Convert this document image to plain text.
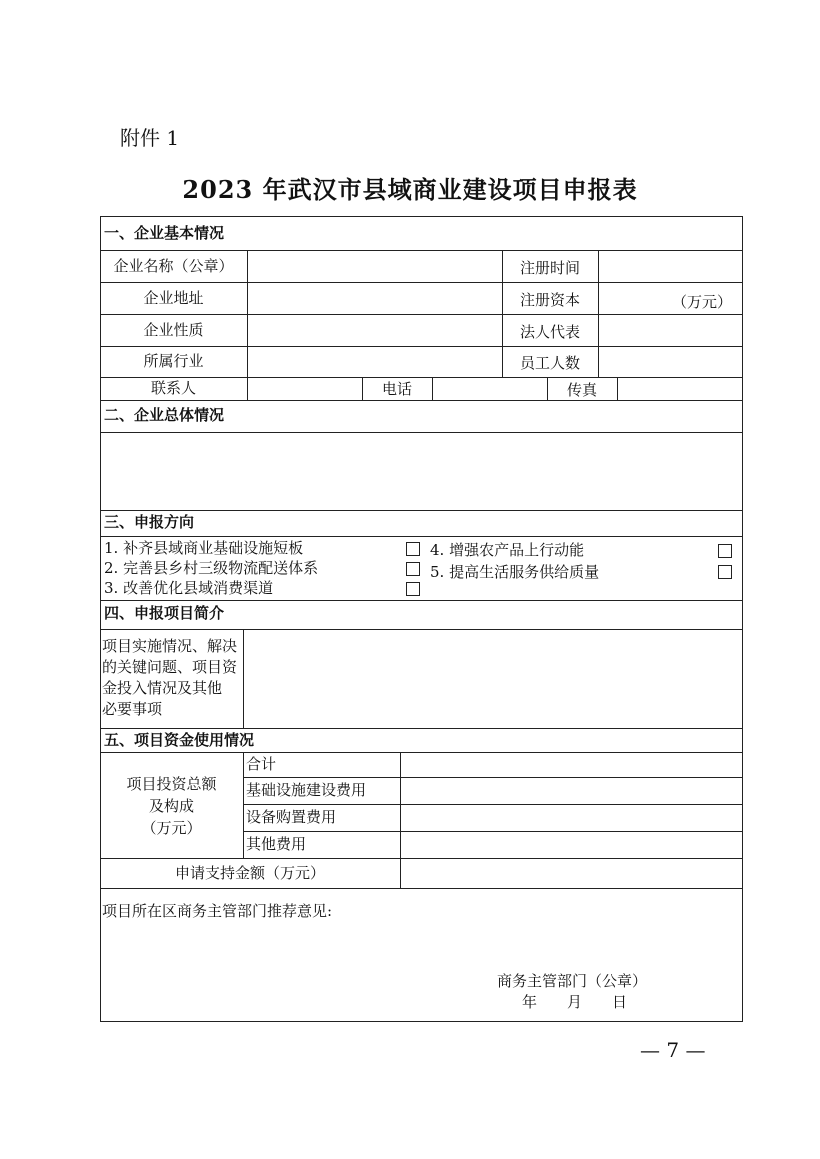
附件 1
2023 年武汉市县域商业建设项目申报表
一、企业基本情况
企业名称（公章）	注册时间
企业地址	注册资本	（万元）
企业性质	法人代表
所属行业	员工人数
联系人	电话	传真
二、企业总体情况
三、申报方向
1. 补齐县域商业基础设施短板
2. 完善县乡村三级物流配送体系
3. 改善优化县域消费渠道
4. 增强农产品上行动能
5. 提高生活服务供给质量
四、申报项目简介
项目实施情况、解决
的关键问题、项目资
金投入情况及其他
必要事项
五、项目资金使用情况
项目投资总额
及构成
（万元）
合计
基础设施建设费用
设备购置费用
其他费用
申请支持金额（万元）
项目所在区商务主管部门推荐意见:
商务主管部门（公章）
年　　月　　日
— 7 —
